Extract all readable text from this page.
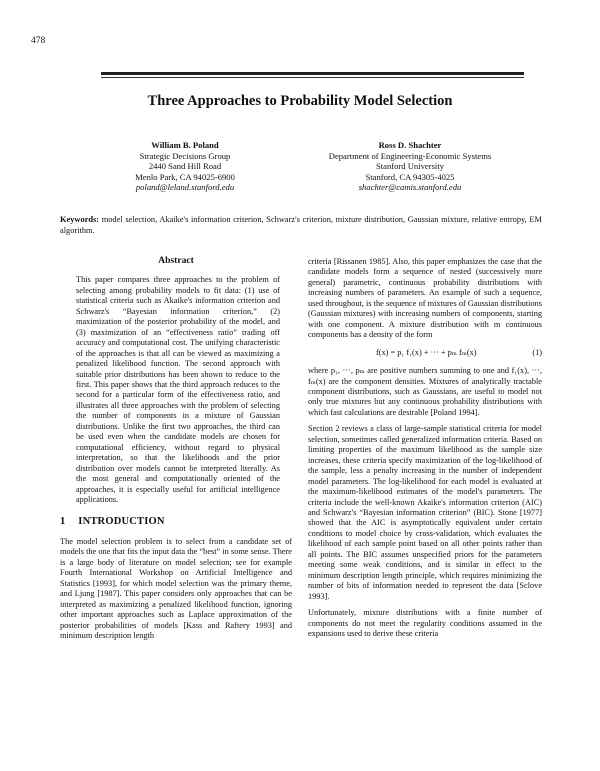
478
Three Approaches to Probability Model Selection
William B. Poland
Strategic Decisions Group
2440 Sand Hill Road
Menlo Park, CA 94025-6900
poland@leland.stanford.edu
Ross D. Shachter
Department of Engineering-Economic Systems
Stanford University
Stanford, CA 94305-4025
shachter@camis.stanford.edu
Keywords: model selection, Akaike's information criterion, Schwarz's criterion, mixture distribution, Gaussian mixture, relative entropy, EM algorithm.
Abstract

This paper compares three approaches to the problem of selecting among probability models to fit data: (1) use of statistical criteria such as Akaike's information criterion and Schwarz's “Bayesian information criterion,” (2) maximization of the posterior probability of the model, and (3) maximization of an “effectiveness ratio” trading off accuracy and computational cost. The unifying characteristic of the approaches is that all can be viewed as maximizing a penalized likelihood function. The second approach with suitable prior distributions has been shown to reduce to the first. This paper shows that the third approach reduces to the second for a particular form of the effectiveness ratio, and illustrates all three approaches with the problem of selecting the number of components in a mixture of Gaussian distributions. Unlike the first two approaches, the third can be used even when the candidate models are chosen for computational efficiency, without regard to physical interpretation, so that the likelihoods and the prior distribution over models cannot be interpreted literally. As the most general and computationally oriented of the approaches, it is especially useful for artificial intelligence applications.

1 INTRODUCTION

The model selection problem is to select from a candidate set of models the one that fits the input data the “best” in some sense. There is a large body of literature on model selection; see for example Fourth International Workshop on Artificial Intelligence and Statistics [1993], for which model selection was the primary theme, and Ljung [1987]. This paper considers only approaches that can be interpreted as maximizing a penalized likelihood function, ignoring other important approaches such as Laplace approximation of the posterior probabilities of models [Kass and Raftery 1993] and minimum description length

criteria [Rissanen 1985]. Also, this paper emphasizes the case that the candidate models form a sequence of nested (successively more general) parametric, continuous probability distributions with increasing numbers of parameters. An example of such a sequence, used throughout, is the sequence of mixtures of Gaussian distributions (Gaussian mixtures) with increasing numbers of components, starting with one component. A mixture distribution with m continuous components has a density of the form

f(x) = p₁ f₁(x) + ··· + pₘ fₘ(x)	(1)

where p₁, ···, pₘ are positive numbers summing to one and f₁(x), ···, fₘ(x) are the component densities. Mixtures of analytically tractable component distributions, such as Gaussians, are useful to model not only true mixtures but any continuous probability distributions with which fast calculations are desirable [Poland 1994].

Section 2 reviews a class of large-sample statistical criteria for model selection, sometimes called generalized information criteria. Based on limiting properties of the maximum likelihood as the sample size increases, these criteria specify maximization of the log-likelihood of the sample, less a penalty increasing in the number of independent model parameters. The log-likelihood for each model is evaluated at the maximum-likelihood estimates of the model's parameters. The criteria include the well-known Akaike's information criterion (AIC) and Schwarz's “Bayesian information criterion” (BIC). Stone [1977] showed that the AIC is asymptotically equivalent under certain conditions to model choice by cross-validation, which evaluates the likelihood of each sample point based on all other points rather than all points. The BIC assumes unspecified priors for the parameters meeting some weak conditions, and is similar in effect to the minimum description length principle, which requires minimizing the number of bits of information needed to represent the data [Sclove 1993].

Unfortunately, mixture distributions with a finite number of components do not meet the regularity conditions assumed in the expansions used to derive these criteria
